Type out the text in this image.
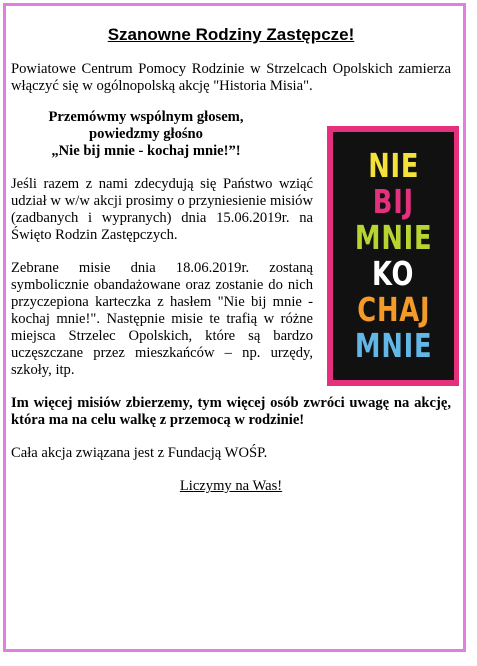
Szanowne Rodziny Zastępcze!

Powiatowe Centrum Pomocy Rodzinie w Strzelcach Opolskich zamierza włączyć się w ogólnopolską akcję "Historia Misia".

Przemówmy wspólnym głosem,
powiedzmy głośno
„Nie bij mnie - kochaj mnie!”!

Jeśli razem z nami zdecydują się Państwo wziąć udział w w/w akcji prosimy o przyniesienie misiów (zadbanych i wypranych) dnia 15.06.2019r. na Święto Rodzin Zastępczych.

Zebrane misie dnia 18.06.2019r. zostaną symbolicznie obandażowane oraz zostanie do nich przyczepiona karteczka z hasłem "Nie bij mnie - kochaj mnie!". Następnie misie te trafią w różne miejsca Strzelec Opolskich, które są bardzo uczęszczane przez mieszkańców – np. urzędy, szkoły, itp.

Im więcej misiów zbierzemy, tym więcej osób zwróci uwagę na akcję, która ma na celu walkę z przemocą w rodzinie!

Cała akcja związana jest z Fundacją WOŚP.

Liczymy na Was!

NIE
BIJ
MNIE
KO
CHAJ
MNIE
